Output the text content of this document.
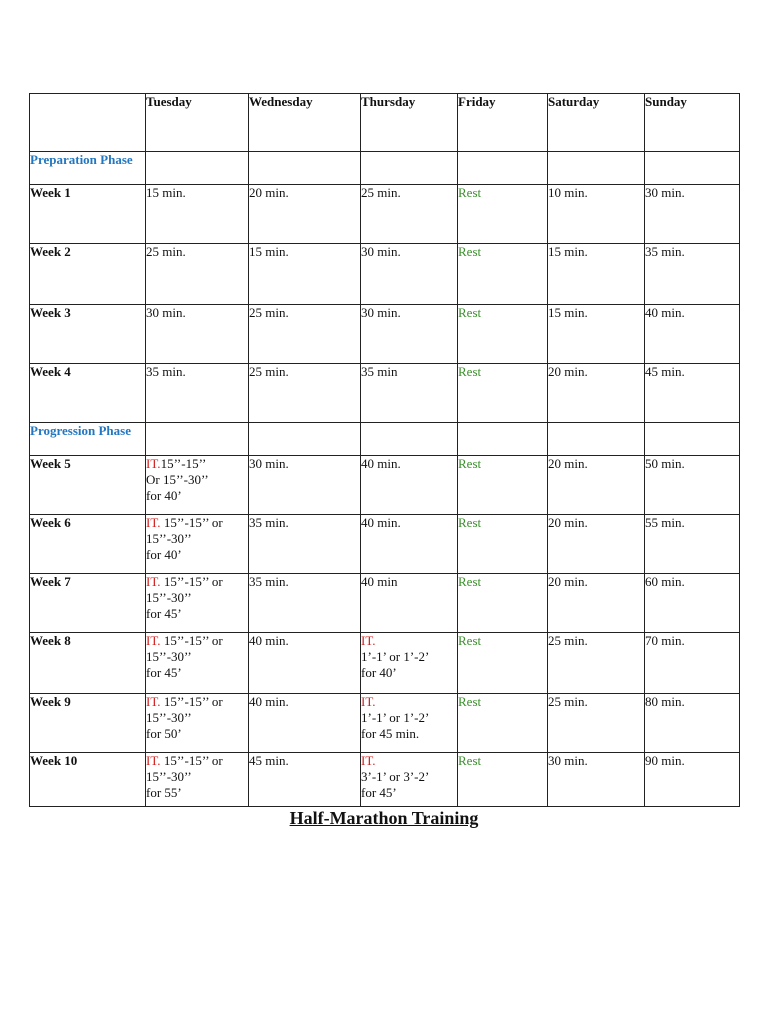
	Tuesday	Wednesday	Thursday	Friday	Saturday	Sunday
Preparation Phase						
Week 1	15 min.	20 min.	25 min.	Rest	10 min.	30 min.
Week 2	25 min.	15 min.	30 min.	Rest	15 min.	35 min.
Week 3	30 min.	25 min.	30 min.	Rest	15 min.	40 min.
Week 4	35 min.	25 min.	35 min	Rest	20 min.	45 min.
Progression Phase						
Week 5	IT.15’’-15’’
Or 15’’-30’’
for 40’	30 min.	40 min.	Rest	20 min.	50 min.
Week 6	IT. 15’’-15’’ or
15’’-30’’
for 40’	35 min.	40 min.	Rest	20 min.	55 min.
Week 7	IT. 15’’-15’’ or
15’’-30’’
for 45’	35 min.	40 min	Rest	20 min.	60 min.
Week 8	IT. 15’’-15’’ or
15’’-30’’
for 45’	40 min.	IT.
1’-1’ or 1’-2’
for 40’	Rest	25 min.	70 min.
Week 9	IT. 15’’-15’’ or
15’’-30’’
for 50’	40 min.	IT.
1’-1’ or 1’-2’
for 45 min.	Rest	25 min.	80 min.
Week 10	IT. 15’’-15’’ or
15’’-30’’
for 55’	45 min.	IT.
3’-1’ or 3’-2’
for 45’	Rest	30 min.	90 min.
Half-Marathon Training
